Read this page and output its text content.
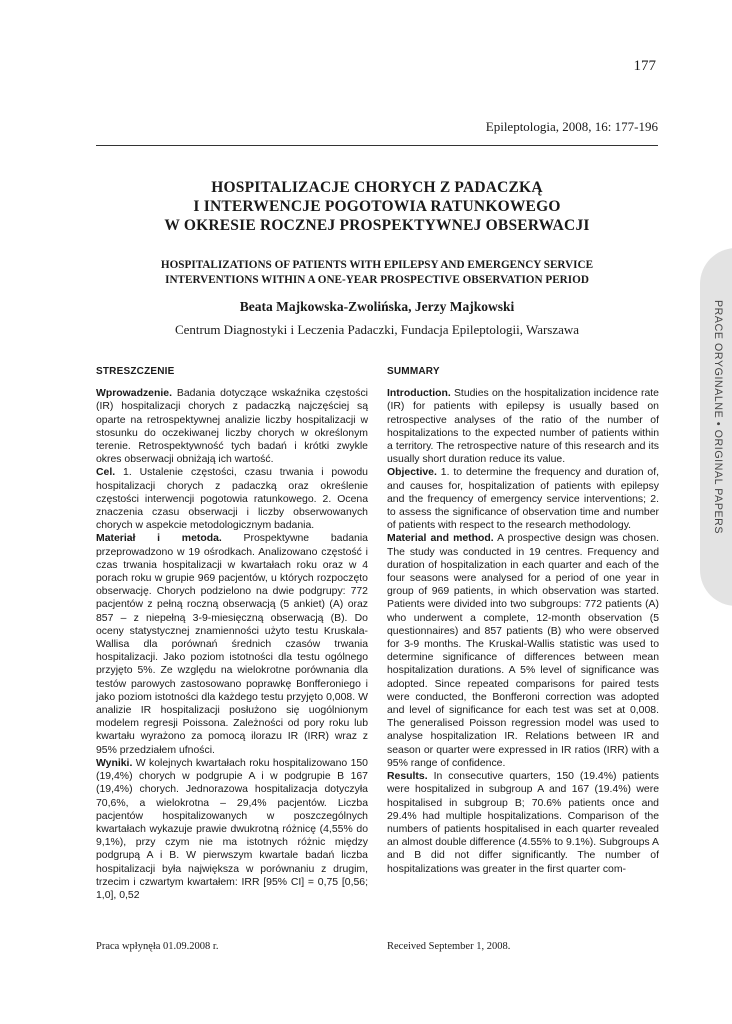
177
Epileptologia, 2008, 16: 177-196
HOSPITALIZACJE CHORYCH Z PADACZKĄ
I INTERWENCJE POGOTOWIA RATUNKOWEGO
W OKRESIE ROCZNEJ PROSPEKTYWNEJ OBSERWACJI
HOSPITALIZATIONS OF PATIENTS WITH EPILEPSY AND EMERGENCY SERVICE
INTERVENTIONS WITHIN A ONE-YEAR PROSPECTIVE OBSERVATION PERIOD
Beata Majkowska-Zwolińska, Jerzy Majkowski
Centrum Diagnostyki i Leczenia Padaczki, Fundacja Epileptologii, Warszawa	PRACE ORYGINALNE • ORIGINAL PAPERS
STRESZCZENIE

Wprowadzenie. Badania dotyczące wskaźnika częstości (IR) hospitalizacji chorych z padaczką najczęściej są oparte na retrospektywnej analizie liczby hospitalizacji w stosunku do oczekiwanej liczby chorych w określonym terenie. Retrospektywność tych badań i krótki zwykle okres obserwacji obniżają ich wartość.

Cel. 1. Ustalenie częstości, czasu trwania i powodu hospitalizacji chorych z padaczką oraz określenie częstości interwencji pogotowia ratunkowego. 2. Ocena znaczenia czasu obserwacji i liczby obserwowanych chorych w aspekcie metodologicznym badania.

Materiał i metoda. Prospektywne badania przeprowadzono w 19 ośrodkach. Analizowano częstość i czas trwania hospitalizacji w kwartałach roku oraz w 4 porach roku w grupie 969 pacjentów, u których rozpoczęto obserwację. Chorych podzielono na dwie podgrupy: 772 pacjentów z pełną roczną obserwacją (5 ankiet) (A) oraz 857 – z niepełną 3-9-miesięczną obserwacją (B). Do oceny statystycznej znamienności użyto testu Kruskala-Wallisa dla porównań średnich czasów trwania hospitalizacji. Jako poziom istotności dla testu ogólnego przyjęto 5%. Ze względu na wielokrotne porównania dla testów parowych zastosowano poprawkę Bonfferoniego i jako poziom istotności dla każdego testu przyjęto 0,008. W analizie IR hospitalizacji posłużono się uogólnionym modelem regresji Poissona. Zależności od pory roku lub kwartału wyrażono za pomocą ilorazu IR (IRR) wraz z 95% przedziałem ufności.

Wyniki. W kolejnych kwartałach roku hospitalizowano 150 (19,4%) chorych w podgrupie A i w podgrupie B 167 (19,4%) chorych. Jednorazowa hospitalizacja dotyczyła 70,6%, a wielokrotna – 29,4% pacjentów. Liczba pacjentów hospitalizowanych w poszczególnych kwartałach wykazuje prawie dwukrotną różnicę (4,55% do 9,1%), przy czym nie ma istotnych różnic między podgrupą A i B. W pierwszym kwartale badań liczba hospitalizacji była największa w porównaniu z drugim, trzecim i czwartym kwartałem: IRR [95% CI] = 0,75 [0,56; 1,0], 0,52

SUMMARY

Introduction. Studies on the hospitalization incidence rate (IR) for patients with epilepsy is usually based on retrospective analyses of the ratio of the number of hospitalizations to the expected number of patients within a territory. The retrospective nature of this research and its usually short duration reduce its value.

Objective. 1. to determine the frequency and duration of, and causes for, hospitalization of patients with epilepsy and the frequency of emergency service interventions; 2. to assess the significance of observation time and number of patients with respect to the research methodology.

Material and method. A prospective design was chosen. The study was conducted in 19 centres. Frequency and duration of hospitalization in each quarter and each of the four seasons were analysed for a period of one year in group of 969 patients, in which observation was started. Patients were divided into two subgroups: 772 patients (A) who underwent a complete, 12-month observation (5 questionnaires) and 857 patients (B) who were observed for 3-9 months. The Kruskal-Wallis statistic was used to determine significance of differences between mean hospitalization durations. A 5% level of significance was adopted. Since repeated comparisons for paired tests were conducted, the Bonfferoni correction was adopted and level of significance for each test was set at 0,008. The generalised Poisson regression model was used to analyse hospitalization IR. Relations between IR and season or quarter were expressed in IR ratios (IRR) with a 95% range of confidence.

Results. In consecutive quarters, 150 (19.4%) patients were hospitalized in subgroup A and 167 (19.4%) were hospitalised in subgroup B; 70.6% patients once and 29.4% had multiple hospitalizations. Comparison of the numbers of patients hospitalised in each quarter revealed an almost double difference (4.55% to 9.1%). Subgroups A and B did not differ significantly. The number of hospitalizations was greater in the first quarter com-

Praca wpłynęła 01.09.2008 r.	Received September 1, 2008.
